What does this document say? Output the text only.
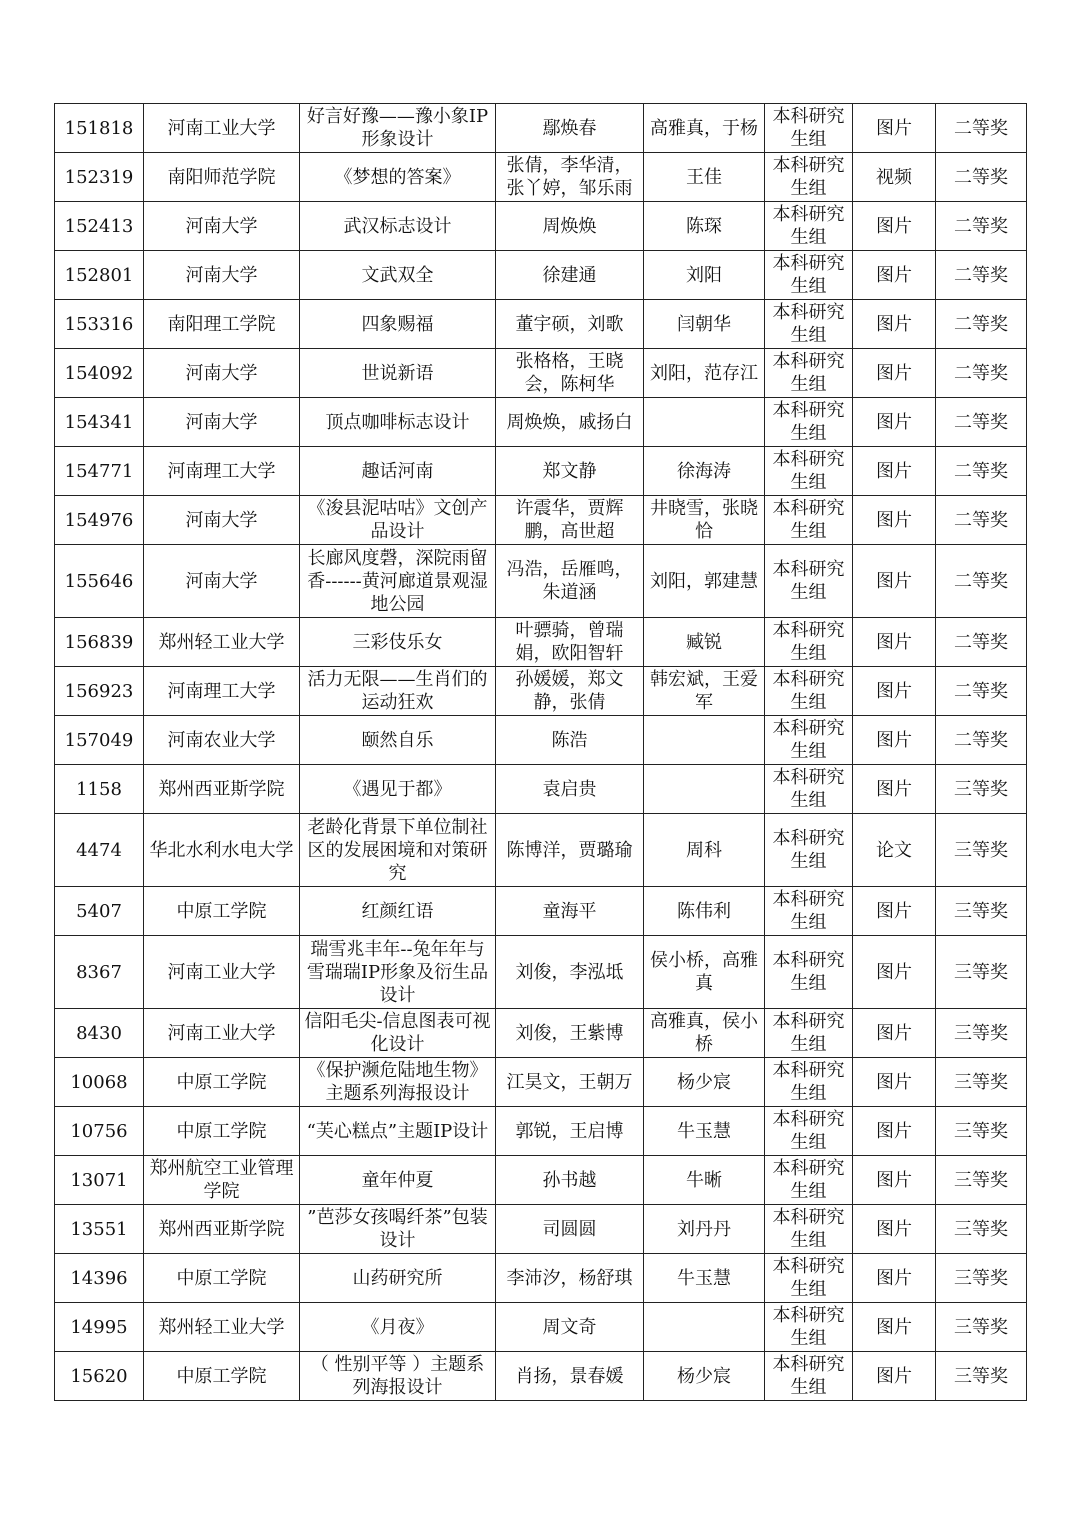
151818	河南工业大学	好言好豫——豫小象IP形象设计	鄢焕春	高雅真，于杨	本科研究生组	图片	二等奖
152319	南阳师范学院	《梦想的答案》	张倩，李华清，张丫婷，邹乐雨	王佳	本科研究生组	视频	二等奖
152413	河南大学	武汉标志设计	周焕焕	陈琛	本科研究生组	图片	二等奖
152801	河南大学	文武双全	徐建通	刘阳	本科研究生组	图片	二等奖
153316	南阳理工学院	四象赐福	董宇硕，刘歌	闫朝华	本科研究生组	图片	二等奖
154092	河南大学	世说新语	张格格，王晓会，陈柯华	刘阳，范存江	本科研究生组	图片	二等奖
154341	河南大学	顶点咖啡标志设计	周焕焕，戚扬白		本科研究生组	图片	二等奖
154771	河南理工大学	趣话河南	郑文静	徐海涛	本科研究生组	图片	二等奖
154976	河南大学	《浚县泥咕咕》文创产品设计	许震华，贾辉鹏，高世超	井晓雪，张晓恰	本科研究生组	图片	二等奖
155646	河南大学	长廊风度磬，深院雨留香------黄河廊道景观湿地公园	冯浩，岳雁鸣，朱道涵	刘阳，郭建慧	本科研究生组	图片	二等奖
156839	郑州轻工业大学	三彩伎乐女	叶骠骑，曾瑞娟，欧阳智轩	臧锐	本科研究生组	图片	二等奖
156923	河南理工大学	活力无限——生肖们的运动狂欢	孙媛媛，郑文静，张倩	韩宏斌，王爱军	本科研究生组	图片	二等奖
157049	河南农业大学	颐然自乐	陈浩		本科研究生组	图片	二等奖
1158	郑州西亚斯学院	《遇见于都》	袁启贵		本科研究生组	图片	三等奖
4474	华北水利水电大学	老龄化背景下单位制社区的发展困境和对策研究	陈博洋，贾璐瑜	周科	本科研究生组	论文	三等奖
5407	中原工学院	红颜红语	童海平	陈伟利	本科研究生组	图片	三等奖
8367	河南工业大学	瑞雪兆丰年--兔年年与雪瑞瑞IP形象及衍生品设计	刘俊，李泓坻	侯小桥，高雅真	本科研究生组	图片	三等奖
8430	河南工业大学	信阳毛尖-信息图表可视化设计	刘俊，王紫博	高雅真，侯小桥	本科研究生组	图片	三等奖
10068	中原工学院	《保护濒危陆地生物》主题系列海报设计	江昊文，王朝万	杨少宸	本科研究生组	图片	三等奖
10756	中原工学院	“芙心糕点”主题IP设计	郭锐，王启博	牛玉慧	本科研究生组	图片	三等奖
13071	郑州航空工业管理学院	童年仲夏	孙书越	牛晰	本科研究生组	图片	三等奖
13551	郑州西亚斯学院	”芭莎女孩喝纤茶”包装设计	司圆圆	刘丹丹	本科研究生组	图片	三等奖
14396	中原工学院	山药研究所	李沛汐，杨舒琪	牛玉慧	本科研究生组	图片	三等奖
14995	郑州轻工业大学	《月夜》	周文奇		本科研究生组	图片	三等奖
15620	中原工学院	（ 性别平等 ）主题系列海报设计	肖扬，景春媛	杨少宸	本科研究生组	图片	三等奖
